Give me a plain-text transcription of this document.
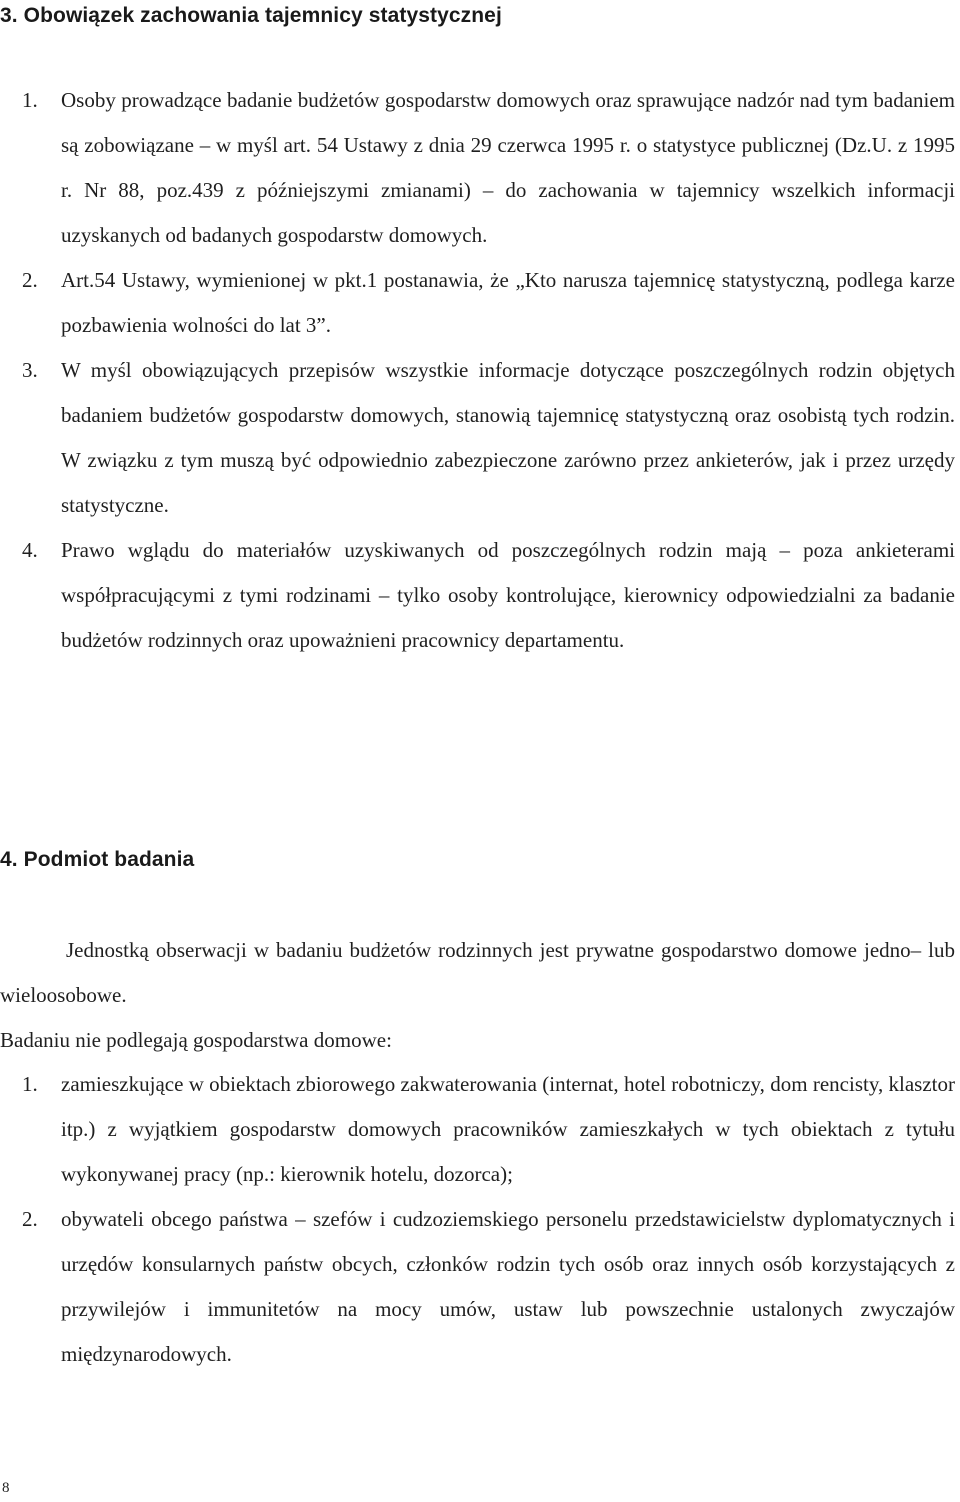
3. Obowiązek zachowania tajemnicy statystycznej
1. Osoby prowadzące badanie budżetów gospodarstw domowych oraz sprawujące nadzór nad tym badaniem są zobowiązane – w myśl art. 54 Ustawy z dnia 29 czerwca 1995 r. o statystyce publicznej (Dz.U. z 1995 r. Nr 88, poz.439 z późniejszymi zmianami) – do zachowania w tajemnicy wszelkich informacji uzyskanych od badanych gospodarstw domowych.
2. Art.54 Ustawy, wymienionej w pkt.1 postanawia, że „Kto narusza tajemnicę statystyczną, podlega karze pozbawienia wolności do lat 3”.
3. W myśl obowiązujących przepisów wszystkie informacje dotyczące poszczególnych rodzin objętych badaniem budżetów gospodarstw domowych, stanowią tajemnicę statystyczną oraz osobistą tych rodzin. W związku z tym muszą być odpowiednio zabezpieczone zarówno przez ankieterów, jak i przez urzędy statystyczne.
4. Prawo wglądu do materiałów uzyskiwanych od poszczególnych rodzin mają – poza ankieterami współpracującymi z tymi rodzinami – tylko osoby kontrolujące, kierownicy odpowiedzialni za badanie budżetów rodzinnych oraz upoważnieni pracownicy departamentu.
4. Podmiot badania
Jednostką obserwacji w badaniu budżetów rodzinnych jest prywatne gospodarstwo domowe jedno– lub wieloosobowe.
Badaniu nie podlegają gospodarstwa domowe:
1. zamieszkujące w obiektach zbiorowego zakwaterowania (internat, hotel robotniczy, dom rencisty, klasztor itp.) z wyjątkiem gospodarstw domowych pracowników zamieszkałych w tych obiektach z tytułu wykonywanej pracy (np.: kierownik hotelu, dozorca);
2. obywateli obcego państwa – szefów i cudzoziemskiego personelu przedstawicielstw dyplomatycznych i urzędów konsularnych państw obcych, członków rodzin tych osób oraz innych osób korzystających z przywilejów i immunitetów na mocy umów, ustaw lub powszechnie ustalonych zwyczajów międzynarodowych.
8
